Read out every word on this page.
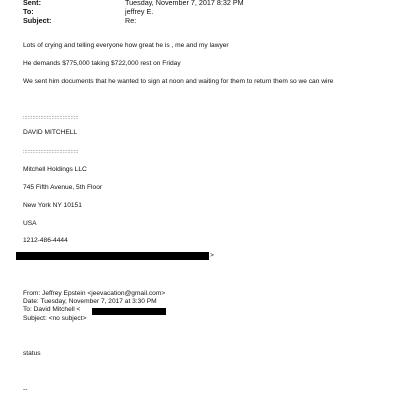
Sent:	Tuesday, November 7, 2017 8:32 PM
To:	jeffrey E.
Subject:	Re:
Lots of crying and telling everyone how great he is , me and my lawyer
He demands $775,000 taking $722,000 rest on Friday
We sent him documents that he wanted to sign at noon and waiting for them to return them so we can wire
:::::::::::::::::::::::::::::::::::
DAVID MITCHELL
:::::::::::::::::::::::::::::::::::
Mitchell Holdings LLC
745 Fifth Avenue, 5th Floor
New York NY 10151
USA
1212-486-4444
>
From: Jeffrey Epstein <jeevacation@gmail.com>
Date: Tuesday, November 7, 2017 at 3:30 PM
To: David Mitchell <
Subject: <no subject>
status
--
